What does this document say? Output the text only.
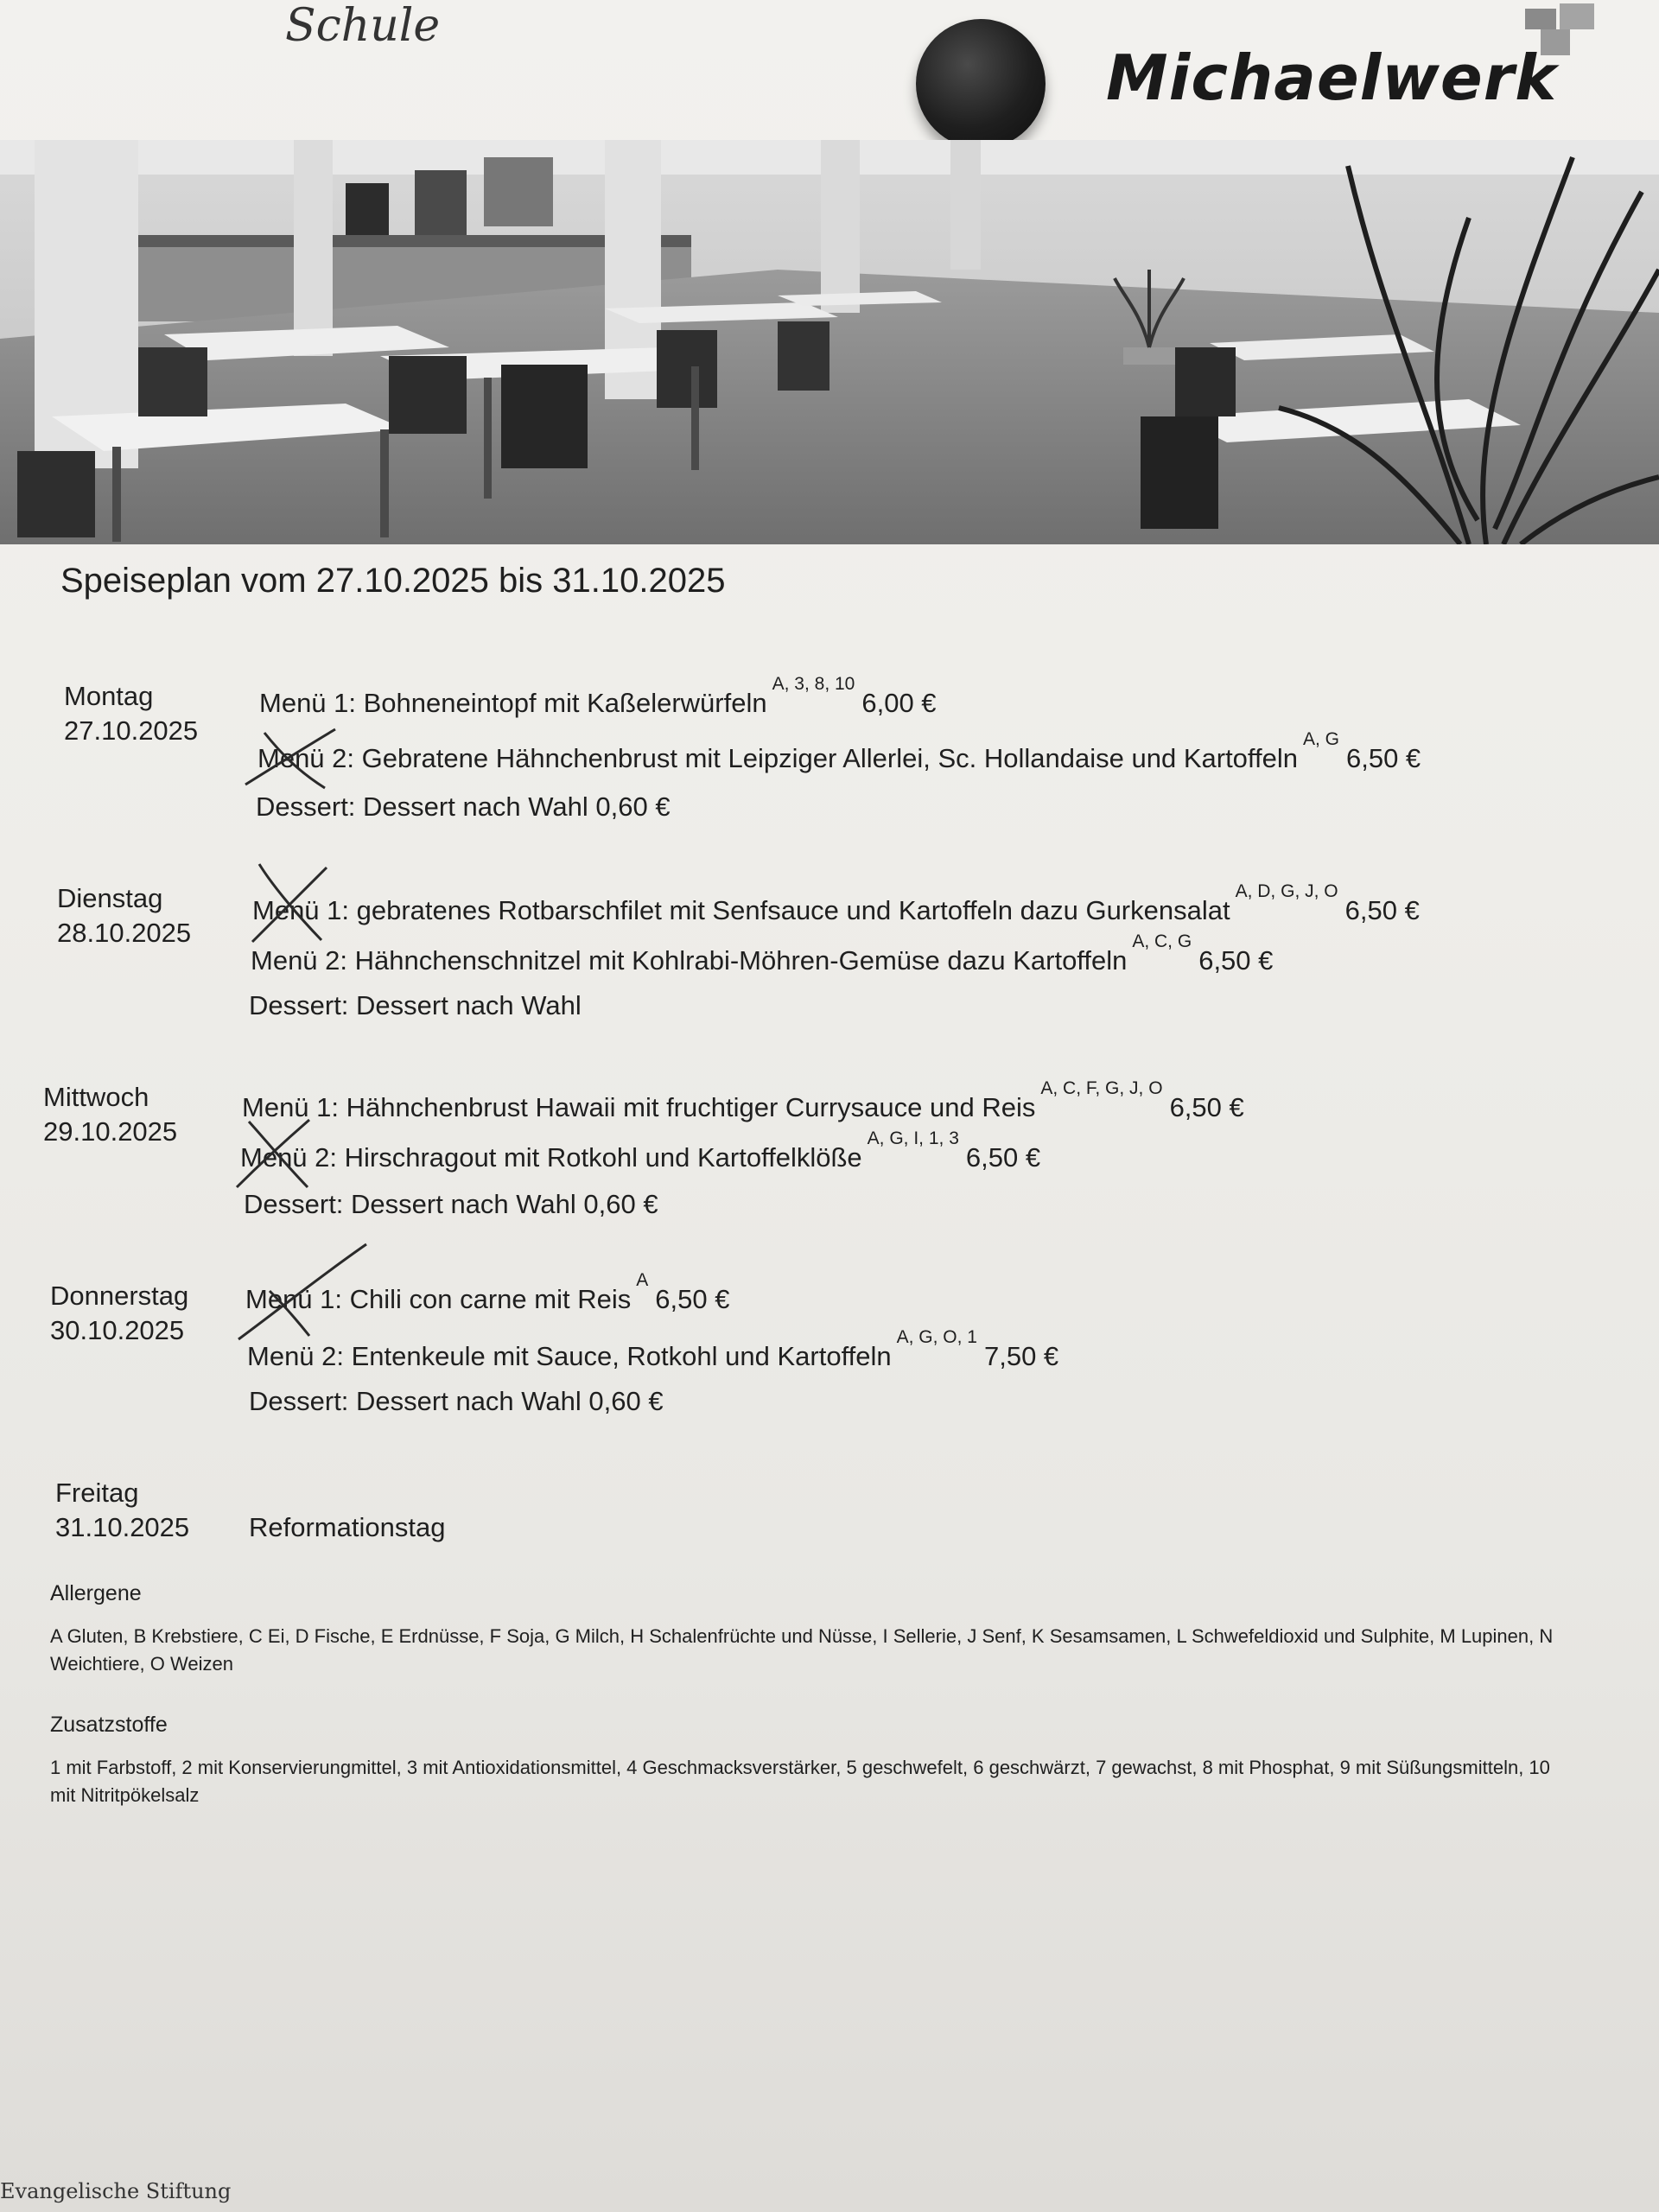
Schule
Michaelwerk
Speiseplan vom 27.10.2025 bis 31.10.2025
Montag
27.10.2025
Menü 1: Bohneneintopf mit Kaßelerwürfeln$^{A, 3, 8, 10}$6,00 €
Menü 2: Gebratene Hähnchenbrust mit Leipziger Allerlei, Sc. Hollandaise und Kartoffeln$^{A, G}$6,50 €
Dessert: Dessert nach Wahl 0,60 €
Dienstag
28.10.2025
Menü 1: gebratenes Rotbarschfilet mit Senfsauce und Kartoffeln dazu Gurkensalat$^{A, D, G, J, O}$6,50 €
Menü 2: Hähnchenschnitzel mit Kohlrabi-Möhren-Gemüse dazu Kartoffeln$^{A, C, G}$6,50 €
Dessert: Dessert nach Wahl
Mittwoch
29.10.2025
Menü 1: Hähnchenbrust Hawaii mit fruchtiger Currysauce und Reis$^{A, C, F, G, J, O}$6,50 €
Menü 2: Hirschragout mit Rotkohl und Kartoffelklöße$^{A, G, I, 1, 3}$6,50 €
Dessert: Dessert nach Wahl 0,60 €
Donnerstag
30.10.2025
Menü 1: Chili con carne mit Reis$^A$6,50 €
Menü 2: Entenkeule mit Sauce, Rotkohl und Kartoffeln$^{A, G, O, 1}$7,50 €
Dessert: Dessert nach Wahl 0,60 €
Freitag
31.10.2025 Reformationstag
Allergene
A Gluten, B Krebstiere, C Ei, D Fische, E Erdnüsse, F Soja, G Milch, H Schalenfrüchte und Nüsse, I Sellerie, J Senf, K Sesamsamen, L Schwefeldioxid und Sulphite, M Lupinen, N Weichtiere, O Weizen
Zusatzstoffe
1 mit Farbstoff, 2 mit Konservierungmittel, 3 mit Antioxidationsmittel, 4 Geschmacksverstärker, 5 geschwefelt, 6 geschwärzt, 7 gewachst, 8 mit Phosphat, 9 mit Süßungsmitteln, 10 mit Nitritpökelsalz
Evangelische Stiftung
